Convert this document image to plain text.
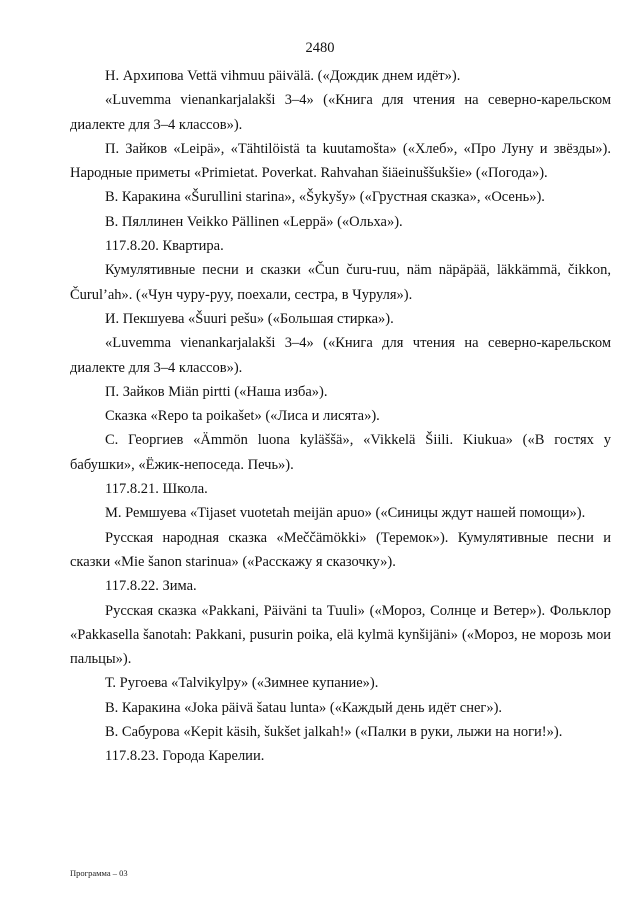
2480

Н. Архипова Vettä vihmuu päivälä. («Дождик днем идёт»).

«Luvemma vienankarjalakši 3–4» («Книга для чтения на северно-карельском диалекте для 3–4 классов»).

П. Зайков «Leipä», «Tähtilöistä ta kuutamošta» («Хлеб», «Про Луну и звёзды»). Народные приметы «Primietat. Poverkat. Rahvahan šiäeinuššukšie» («Погода»).

В. Каракина «Šurullini starina», «Šykyšy» («Грустная сказка», «Осень»).

В. Пяллинен Veikko Pällinen «Leppä» («Ольха»).

117.8.20. Квартира.

Кумулятивные песни и сказки «Čun čuru-ruu, näm näpäpää, läkkämmä, čikkon, Čurul’ah». («Чун чуру-руу, поехали, сестра, в Чуруля»).

И. Пекшуева «Šuuri pešu» («Большая стирка»).

«Luvemma vienankarjalakši 3–4» («Книга для чтения на северно-карельском диалекте для 3–4 классов»).

П. Зайков Miän pirtti («Наша изба»).

Сказка «Repo ta poikašet» («Лиса и лисята»).

С. Георгиев «Ämmön luona kyläššä», «Vikkelä Šiili. Kiukua» («В гостях у бабушки», «Ёжик-непоседа. Печь»).

117.8.21. Школа.

М. Ремшуева «Tijaset vuotetah meijän apuo» («Синицы ждут нашей помощи»).

Русская народная сказка «Meččämökki» (Теремок»). Кумулятивные песни и сказки «Mie šanon starinua» («Расскажу я сказочку»).

117.8.22. Зима.

Русская сказка «Pakkani, Päiväni ta Tuuli» («Мороз, Солнце и Ветер»). Фольклор «Pakkasella šanotah: Pakkani, pusurin poika, elä kylmä kynšijäni» («Мороз, не морозь мои пальцы»).

Т. Ругоева «Talvikylpy» («Зимнее купание»).

В. Каракина «Joka päivä šatau lunta» («Каждый день идёт снег»).

В. Сабурова «Kepit käsih, šukšet jalkah!» («Палки в руки, лыжи на ноги!»).

117.8.23. Города Карелии.

Программа – 03
